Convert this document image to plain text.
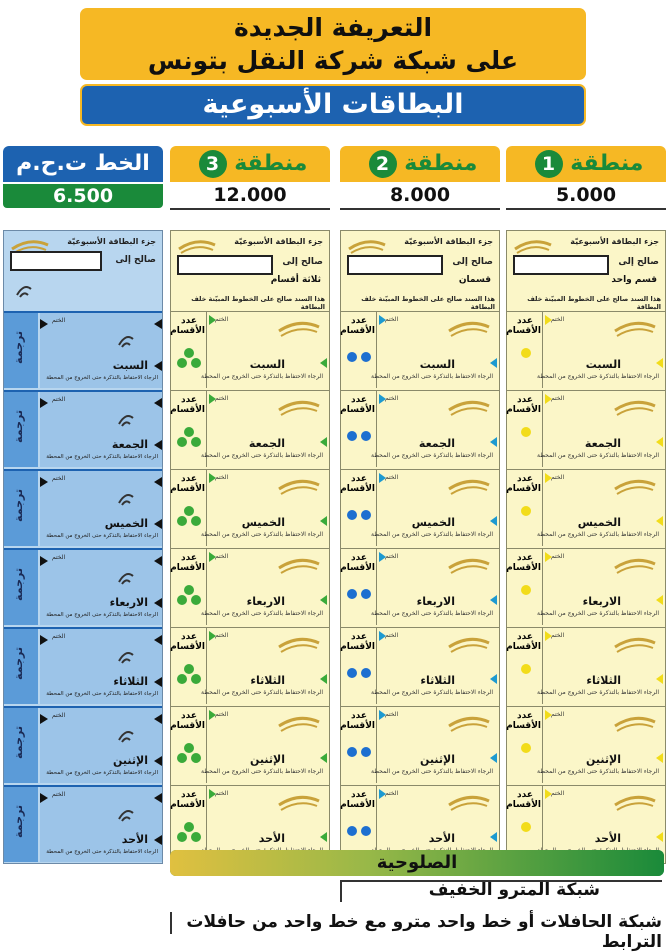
التعريفة الجديدة
على شبكة شركة النقل بتونس
البطاقات الأسبوعية
منطقة 1
5.000
جزء البطاقة الأسبوعيّة
صالح إلى
قسم واحد
هذا السند صالح على الخطوط المبيّنة خلف البطاقة
عدد الأقسام
الختم
السبت
الرجاء الاحتفاظ بالتذكرة حتى الخروج من المحطة
عدد الأقسام
الختم
الجمعة
الرجاء الاحتفاظ بالتذكرة حتى الخروج من المحطة
عدد الأقسام
الختم
الخميس
الرجاء الاحتفاظ بالتذكرة حتى الخروج من المحطة
عدد الأقسام
الختم
الاربعاء
الرجاء الاحتفاظ بالتذكرة حتى الخروج من المحطة
عدد الأقسام
الختم
الثلاثاء
الرجاء الاحتفاظ بالتذكرة حتى الخروج من المحطة
عدد الأقسام
الختم
الإثنين
الرجاء الاحتفاظ بالتذكرة حتى الخروج من المحطة
عدد الأقسام
الختم
الأحد
منطقة 2
8.000
جزء البطاقة الأسبوعيّة
صالح إلى
قسمان
هذا السند صالح على الخطوط المبيّنة خلف البطاقة
عدد الأقسام
الختم
السبت
الرجاء الاحتفاظ بالتذكرة حتى الخروج من المحطة
عدد الأقسام
الختم
الجمعة
الرجاء الاحتفاظ بالتذكرة حتى الخروج من المحطة
عدد الأقسام
الختم
الخميس
الرجاء الاحتفاظ بالتذكرة حتى الخروج من المحطة
عدد الأقسام
الختم
الاربعاء
الرجاء الاحتفاظ بالتذكرة حتى الخروج من المحطة
عدد الأقسام
الختم
الثلاثاء
الرجاء الاحتفاظ بالتذكرة حتى الخروج من المحطة
عدد الأقسام
الختم
الإثنين
الرجاء الاحتفاظ بالتذكرة حتى الخروج من المحطة
عدد الأقسام
الختم
الأحد
منطقة 3
12.000
جزء البطاقة الأسبوعيّة
صالح إلى
ثلاثة أقسام
هذا السند صالح على الخطوط المبيّنة خلف البطاقة
عدد الأقسام
الختم
السبت
الرجاء الاحتفاظ بالتذكرة حتى الخروج من المحطة
عدد الأقسام
الختم
الجمعة
الرجاء الاحتفاظ بالتذكرة حتى الخروج من المحطة
عدد الأقسام
الختم
الخميس
الرجاء الاحتفاظ بالتذكرة حتى الخروج من المحطة
عدد الأقسام
الختم
الاربعاء
الرجاء الاحتفاظ بالتذكرة حتى الخروج من المحطة
عدد الأقسام
الختم
الثلاثاء
الرجاء الاحتفاظ بالتذكرة حتى الخروج من المحطة
عدد الأقسام
الختم
الإثنين
الرجاء الاحتفاظ بالتذكرة حتى الخروج من المحطة
عدد الأقسام
الختم
الأحد
الخط ت.ح.م
6.500
جزء البطاقة الأسبوعيّة
صالح إلى
ترجمة
الختم
السبت
الرجاء الاحتفاظ بالتذكرة حتى الخروج من المحطة
ترجمة
الختم
الجمعة
الرجاء الاحتفاظ بالتذكرة حتى الخروج من المحطة
ترجمة
الختم
الخميس
الرجاء الاحتفاظ بالتذكرة حتى الخروج من المحطة
ترجمة
الختم
الاربعاء
الرجاء الاحتفاظ بالتذكرة حتى الخروج من المحطة
ترجمة
الختم
الثلاثاء
الرجاء الاحتفاظ بالتذكرة حتى الخروج من المحطة
ترجمة
الختم
الإثنين
الرجاء الاحتفاظ بالتذكرة حتى الخروج من المحطة
ترجمة
الختم
الأحد
الرجاء الاحتفاظ بالتذكرة حتى الخروج من المحطة	الصلوحية
شبكة المترو الخفيف
شبكة الحافلات أو خط واحد مترو مع خط واحد من حافلات الترابط
